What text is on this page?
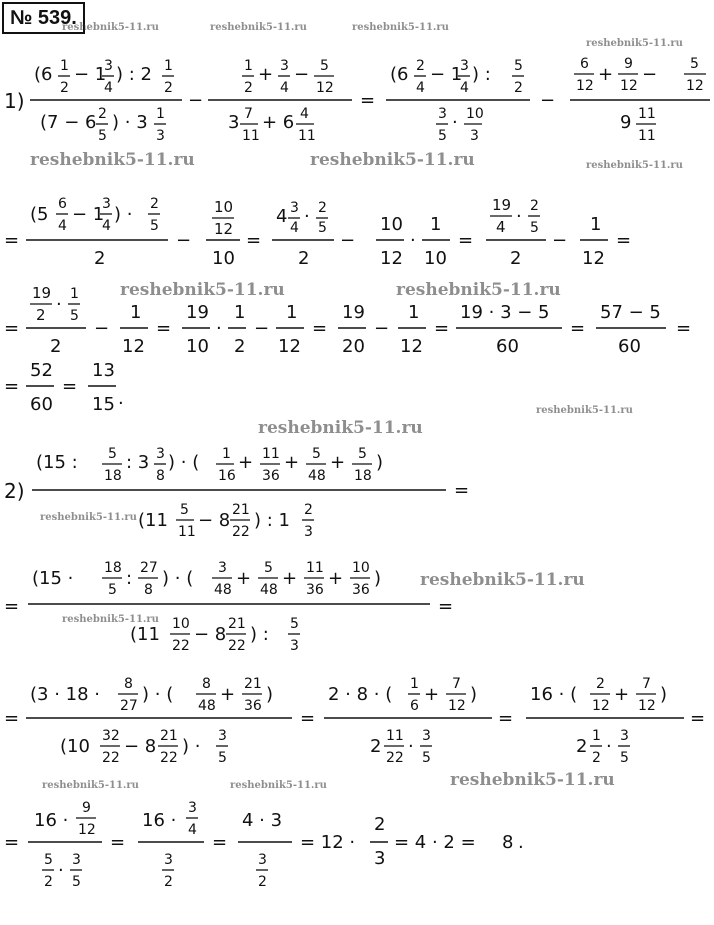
№ 539.
reshebnik5-11.ru	reshebnik5-11.ru	reshebnik5-11.ru
reshebnik5-11.ru
reshebnik5-11.ru	reshebnik5-11.ru	reshebnik5-11.ru
reshebnik5-11.ru	reshebnik5-11.ru
reshebnik5-11.ru
reshebnik5-11.ru
reshebnik5-11.ru
reshebnik5-11.ru
reshebnik5-11.ru
reshebnik5-11.ru	reshebnik5-11.ru	reshebnik5-11.ru
1)
(6 1
2
− 1
3
4
) : 2 1
2
(7 − 6 2
5
) · 3 1
3
−
1
2
+ 3
4
− 5
12
3 7
11
+ 6 4
11
=
(6 2
4
− 1
3
4
) : 5
2
3
5
· 10
3
−
6
12
+ 9
12
− 5
12
9 11
11
=
(5 6
4
− 1
3
4
) · 2
5
2
−
10
12
10
=
4 3
4
· 2
5
2
−
10
12
·
1
10
=
19
4 · 2
5
2
−
1
12
=
=
19
2 · 1
5
2
−
1
12
=
19
10
·
1
2
−
1
12
=
19
20
−
1
12
=
19 · 3 − 5
60
=
57 − 5
60
=
=
52
60
=
13
15 .
2)
(15 : 5
18
: 3 3
8
) · ( 1
16
+ 11
36
+ 5
48
+ 5
18
)
(11 5
11
− 8 21
22
) : 1 2
3
=
=
(15 · 18
5
: 27
8
) · ( 3
48
+ 5
48
+ 11
36
+ 10
36
)
(11 10
22
− 8 21
22
) : 5
3
=
=
(3 · 18 · 8
27
) · ( 8
48
+ 21
36
)
(10 32
22
− 8 21
22
) · 3
5
=
2 · 8 · ( 1
6
+ 7
12
)
2 11
22
· 3
5
=
16 · ( 2
12
+ 7
12
)
2 1
2
· 3
5
=
=
16 ·
9
12
5
2
· 3
5
=
16 ·
3
4
3
2
=
4 · 3
3
2
= 12 ·
2
3
= 4 · 2 = 8 .
